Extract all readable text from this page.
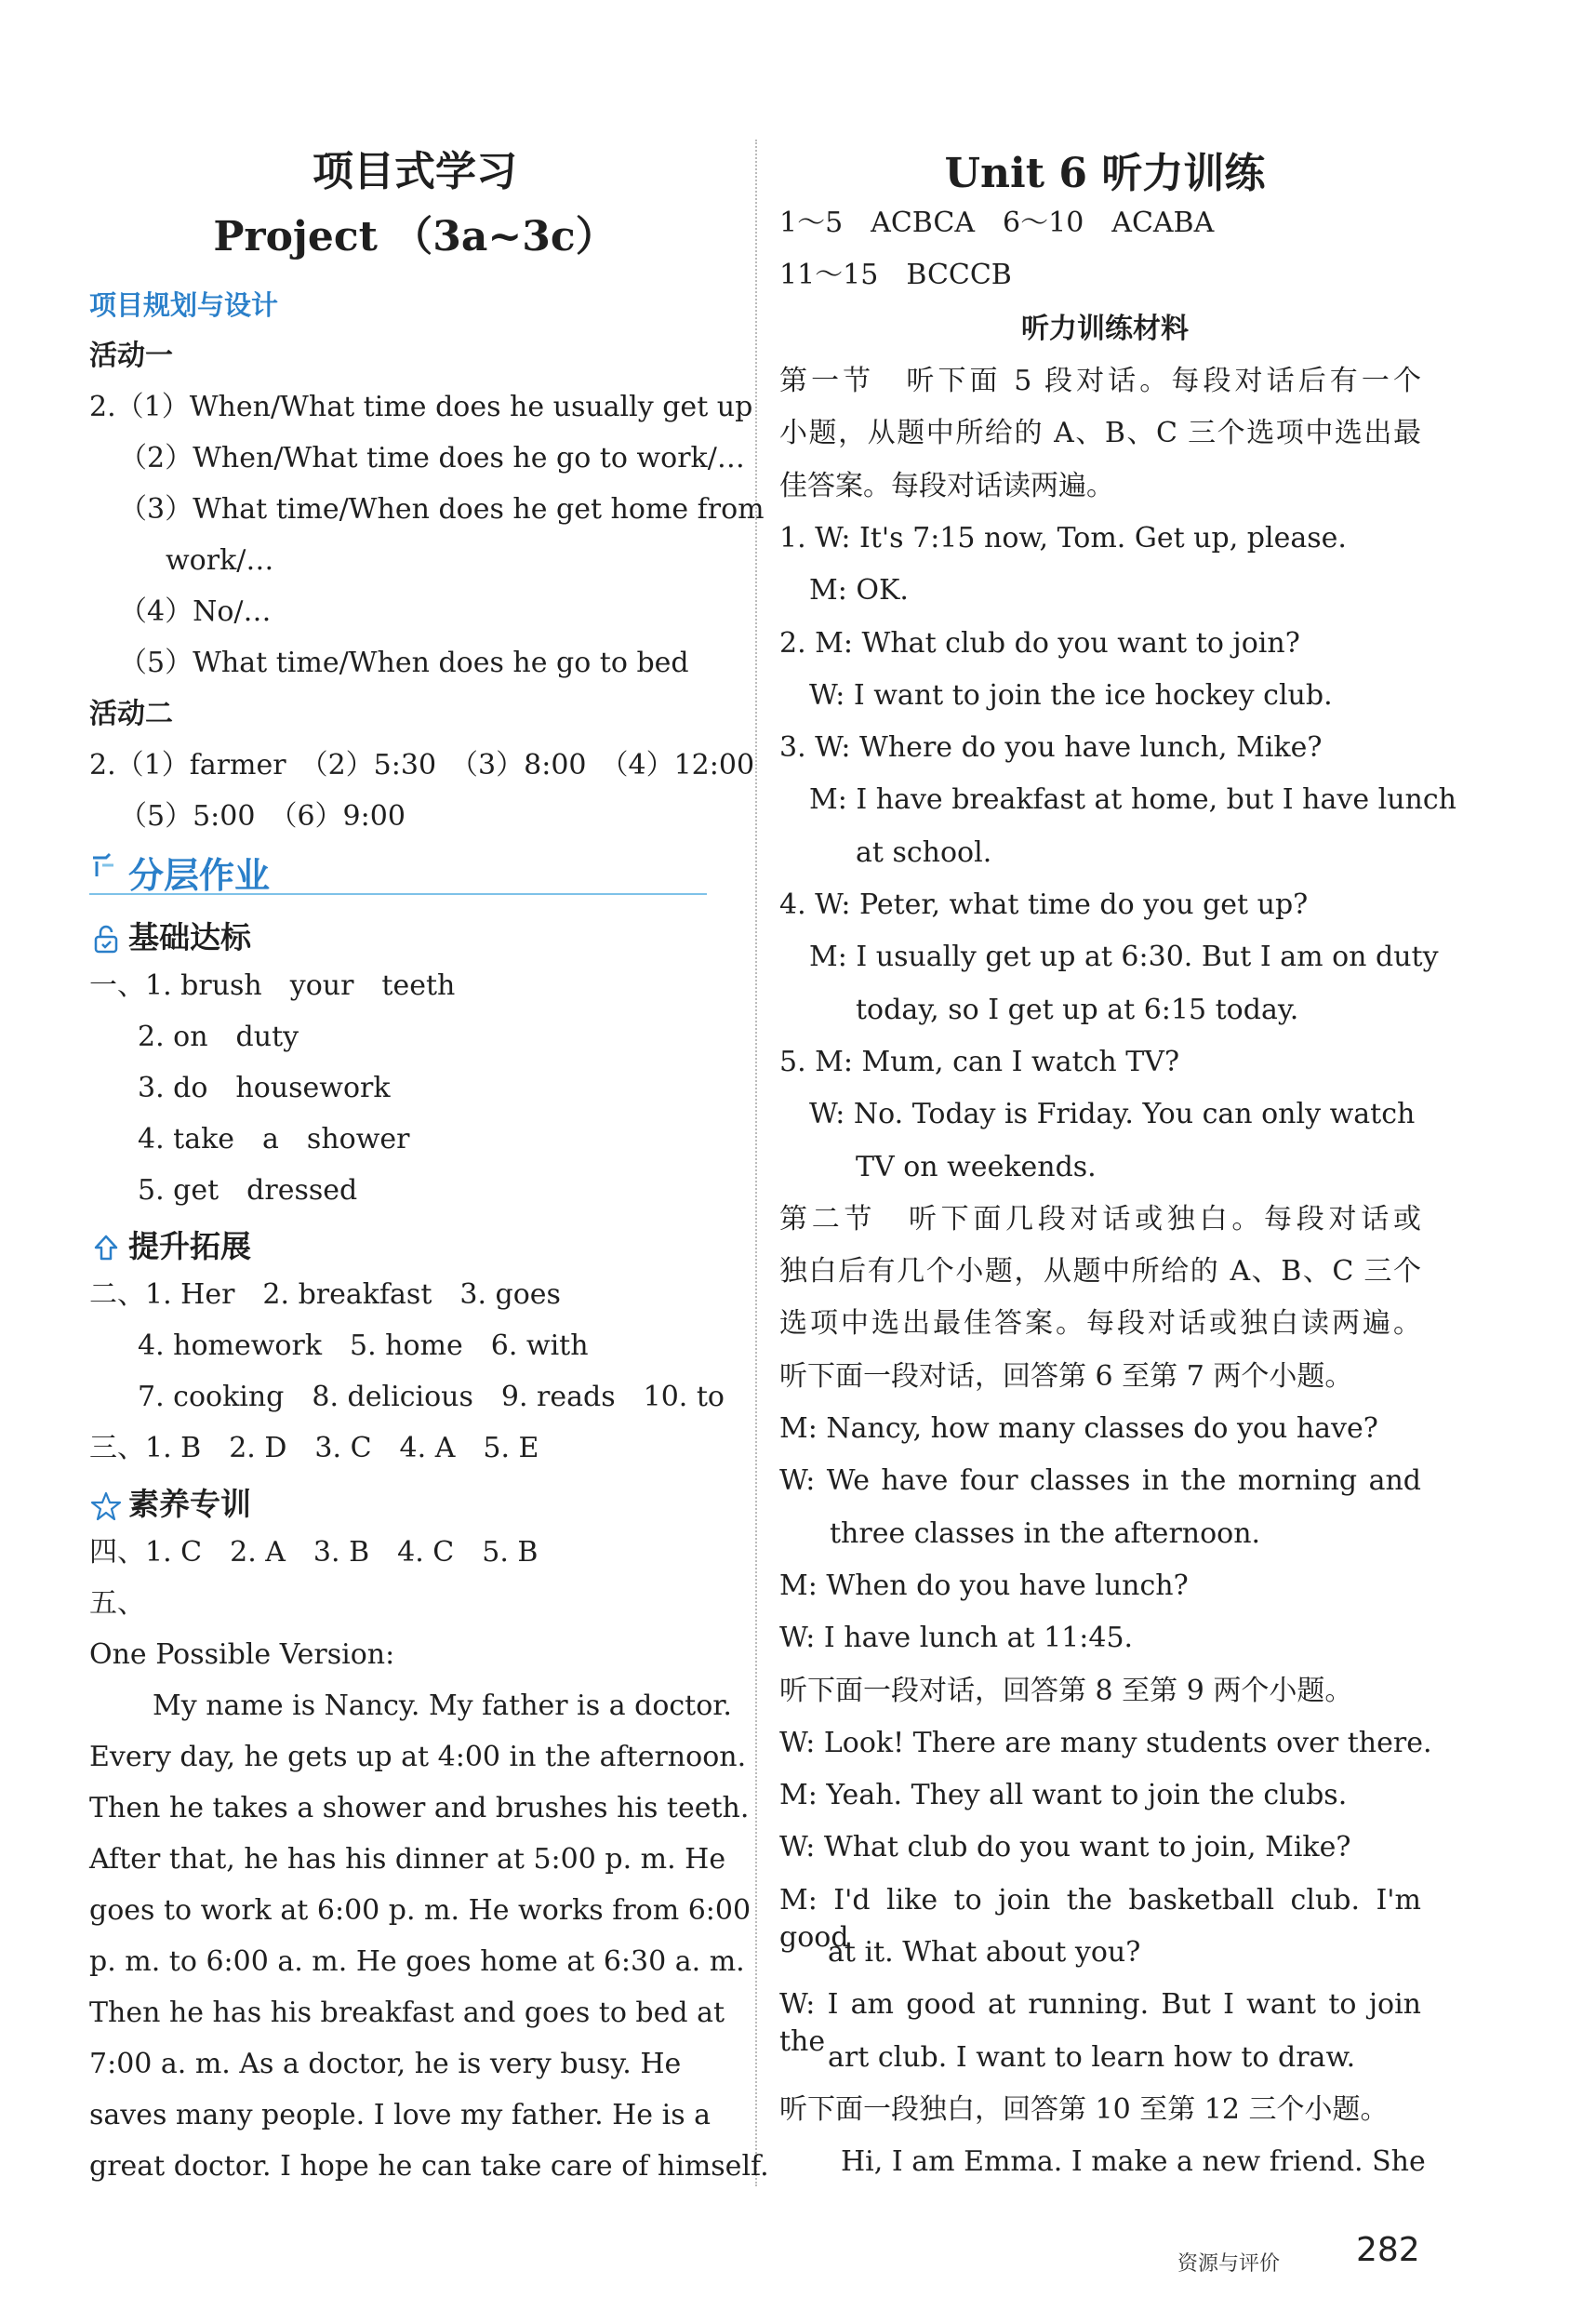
项目式学习
Project （3a~3c）
项目规划与设计
活动一
2.（1）When/What time does he usually get up
（2）When/What time does he go to work/…
（3）What time/When does he get home from
work/…
（4）No/…
（5）What time/When does he go to bed
活动二
2.（1）farmer　（2）5:30　（3）8:00　（4）12:00
（5）5:00　（6）9:00
分层作业
基础达标
一、1. brush　your　teeth
2. on　duty
3. do　housework
4. take　a　shower
5. get　dressed
提升拓展
二、1. Her　2. breakfast　3. goes
4. homework　5. home　6. with
7. cooking　8. delicious　9. reads　10. to
三、1. B　2. D　3. C　4. A　5. E
素养专训
四、1. C　2. A　3. B　4. C　5. B
五、
One Possible Version:
My name is Nancy. My father is a doctor.
Every day, he gets up at 4:00 in the afternoon.
Then he takes a shower and brushes his teeth.
After that, he has his dinner at 5:00 p. m. He
goes to work at 6:00 p. m. He works from 6:00
p. m. to 6:00 a. m. He goes home at 6:30 a. m.
Then he has his breakfast and goes to bed at
7:00 a. m. As a doctor, he is very busy. He
saves many people. I love my father. He is a
great doctor. I hope he can take care of himself.
Unit 6 听力训练
1～5　ACBCA　6～10　ACABA
11～15　BCCCB
听力训练材料
第一节　听下面 5 段对话。每段对话后有一个
小题，从题中所给的 A、B、C 三个选项中选出最
佳答案。每段对话读两遍。
1. W: It's 7:15 now, Tom. Get up, please.
M: OK.
2. M: What club do you want to join?
W: I want to join the ice hockey club.
3. W: Where do you have lunch, Mike?
M: I have breakfast at home, but I have lunch
at school.
4. W: Peter, what time do you get up?
M: I usually get up at 6:30. But I am on duty
today, so I get up at 6:15 today.
5. M: Mum, can I watch TV?
W: No. Today is Friday. You can only watch
TV on weekends.
第二节　听下面几段对话或独白。每段对话或
独白后有几个小题，从题中所给的 A、B、C 三个
选项中选出最佳答案。每段对话或独白读两遍。
听下面一段对话，回答第 6 至第 7 两个小题。
M: Nancy, how many classes do you have?
W: We have four classes in the morning and
three classes in the afternoon.
M: When do you have lunch?
W: I have lunch at 11:45.
听下面一段对话，回答第 8 至第 9 两个小题。
W: Look! There are many students over there.
M: Yeah. They all want to join the clubs.
W: What club do you want to join, Mike?
M: I'd like to join the basketball club. I'm good
at it. What about you?
W: I am good at running. But I want to join the art club. I want to learn how to draw.
听下面一段独白，回答第 10 至第 12 三个小题。
Hi, I am Emma. I make a new friend. She
资源与评价 282
